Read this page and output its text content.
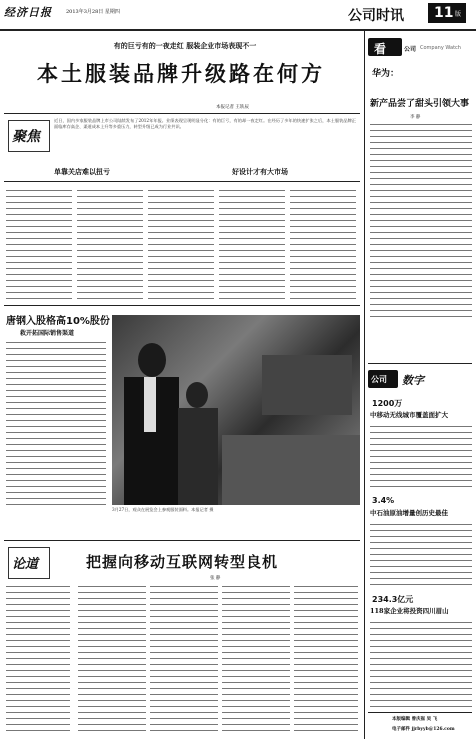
经济日报	2013年3月28日 星期四	公司时讯 11 版
有的巨亏有的一夜走红 服装企业市场表现不一
本土服装品牌升级路在何方
本报记者 王轶辰
聚焦
近日，国内多家服装品牌上市公司陆续发布了2012年年报。业绩表现呈现明显分化：有的巨亏，有的却一夜走红。在经历了多年的快速扩张之后，本土服装品牌正面临库存高企、渠道成本上升等多重压力，转型升级已成为行业共识。
单靠关店难以扭亏	好设计才有大市场
唐钢入股格高10%股份
救开拓国际销售渠道
3月27日，观众在展览会上参观服装面料。本报记者 摄
论道	把握向移动互联网转型良机
张 静
看	公司 Company Watch
华为：
新产品尝了甜头引领大事
李 静
公司 数字
1200万
中移动无线城市覆盖面扩大
3.4%
中石油原油增量创历史最佳
234.3亿元
118家企业将投资四川眉山
本版编辑 曾庆崔 吴 飞
电子邮件 jjrbyyb@126.com
